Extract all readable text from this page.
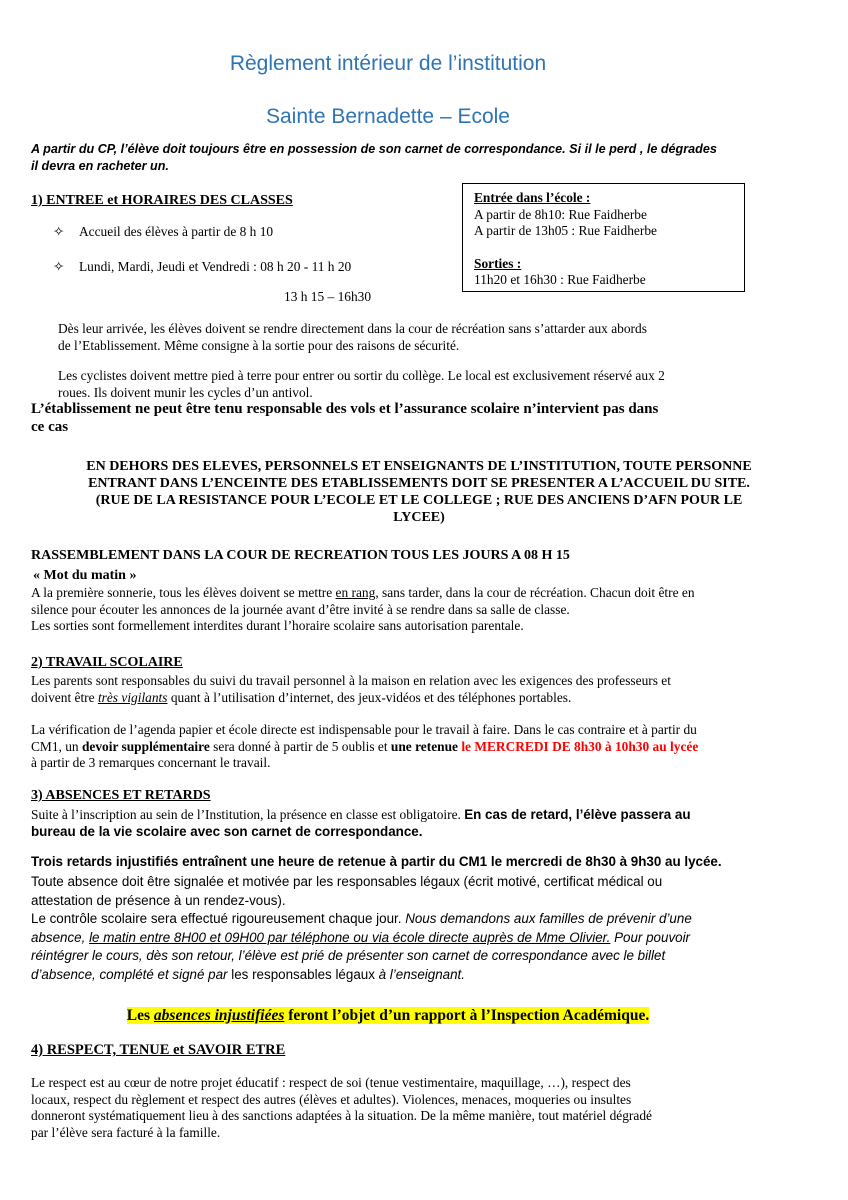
Règlement intérieur de l’institution
Sainte Bernadette – Ecole
A partir du CP, l’élève doit toujours être en possession de son carnet de correspondance. Si il le perd , le dégrades
il devra en racheter un.
1) ENTREE et HORAIRES DES CLASSES	Entrée dans l’école :
A partir de 8h10: Rue Faidherbe
A partir de 13h05 : Rue Faidherbe
Sorties :
11h20 et 16h30 : Rue Faidherbe
✧ Accueil des élèves à partir de 8 h 10
✧ Lundi, Mardi, Jeudi et Vendredi : 08 h 20 - 11 h 20
13 h 15 – 16h30
Dès leur arrivée, les élèves doivent se rendre directement dans la cour de récréation sans s’attarder aux abords
de l’Etablissement. Même consigne à la sortie pour des raisons de sécurité.
Les cyclistes doivent mettre pied à terre pour entrer ou sortir du collège. Le local est exclusivement réservé aux 2
roues. Ils doivent munir les cycles d’un antivol.
L’établissement ne peut être tenu responsable des vols et l’assurance scolaire n’intervient pas dans
ce cas
EN DEHORS DES ELEVES, PERSONNELS ET ENSEIGNANTS DE L’INSTITUTION, TOUTE PERSONNE
ENTRANT DANS L’ENCEINTE DES ETABLISSEMENTS DOIT SE PRESENTER A L’ACCUEIL DU SITE.
(RUE DE LA RESISTANCE POUR L’ECOLE ET LE COLLEGE ; RUE DES ANCIENS D’AFN POUR LE
LYCEE)
RASSEMBLEMENT DANS LA COUR DE RECREATION TOUS LES JOURS A 08 H 15
« Mot du matin »
A la première sonnerie, tous les élèves doivent se mettre en rang, sans tarder, dans la cour de récréation. Chacun doit être en
silence pour écouter les annonces de la journée avant d’être invité à se rendre dans sa salle de classe.
Les sorties sont formellement interdites durant l’horaire scolaire sans autorisation parentale.
2) TRAVAIL SCOLAIRE
Les parents sont responsables du suivi du travail personnel à la maison en relation avec les exigences des professeurs et
doivent être très vigilants quant à l’utilisation d’internet, des jeux-vidéos et des téléphones portables.
La vérification de l’agenda papier et école directe est indispensable pour le travail à faire. Dans le cas contraire et à partir du
CM1, un devoir supplémentaire sera donné à partir de 5 oublis et une retenue le MERCREDI DE 8h30 à 10h30 au lycée
à partir de 3 remarques concernant le travail.
3) ABSENCES ET RETARDS
Suite à l’inscription au sein de l’Institution, la présence en classe est obligatoire. En cas de retard, l’élève passera au
bureau de la vie scolaire avec son carnet de correspondance.
Trois retards injustifiés entraînent une heure de retenue à partir du CM1 le mercredi de 8h30 à 9h30 au lycée.
Toute absence doit être signalée et motivée par les responsables légaux (écrit motivé, certificat médical ou
attestation de présence à un rendez-vous).
Le contrôle scolaire sera effectué rigoureusement chaque jour. Nous demandons aux familles de prévenir d’une
absence, le matin entre 8H00 et 09H00 par téléphone ou via école directe auprès de Mme Olivier. Pour pouvoir
réintégrer le cours, dès son retour, l’élève est prié de présenter son carnet de correspondance avec le billet
d’absence, complété et signé par les responsables légaux à l’enseignant.
Les absences injustifiées feront l’objet d’un rapport à l’Inspection Académique.
4) RESPECT, TENUE et SAVOIR ETRE
Le respect est au cœur de notre projet éducatif : respect de soi (tenue vestimentaire, maquillage, …), respect des
locaux, respect du règlement et respect des autres (élèves et adultes). Violences, menaces, moqueries ou insultes
donneront systématiquement lieu à des sanctions adaptées à la situation. De la même manière, tout matériel dégradé
par l’élève sera facturé à la famille.
